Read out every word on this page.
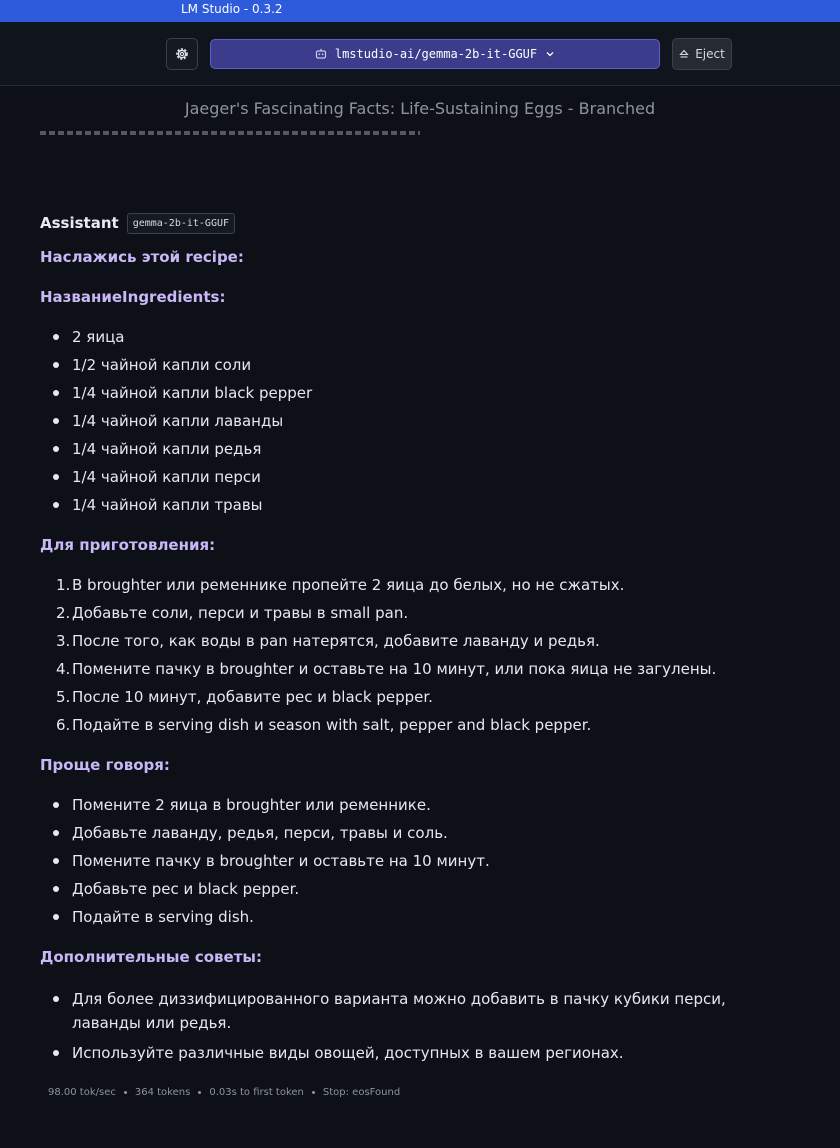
LM Studio - 0.3.2
lmstudio-ai/gemma-2b-it-GGUF	Eject
Jaeger's Fascinating Facts: Life-Sustaining Eggs - Branched
Assistant	gemma-2b-it-GGUF
Наслажись этой recipe:
НазваниеIngredients:
2 яица
1/2 чайной капли соли
1/4 чайной капли black pepper
1/4 чайной капли лаванды
1/4 чайной капли редья
1/4 чайной капли перси
1/4 чайной капли травы
Для приготовления:
1. В broughter или ременнике пропейте 2 яица до белых, но не сжатых.
2. Добавьте соли, перси и травы в small pan.
3. После того, как воды в pan натерятся, добавите лаванду и редья.
4. Помените пачку в broughter и оставьте на 10 минут, или пока яица не загулены.
5. После 10 минут, добавите рес и black pepper.
6. Подайте в serving dish и season with salt, pepper and black pepper.
Проще говоря:
Помените 2 яица в broughter или ременнике.
Добавьте лаванду, редья, перси, травы и соль.
Помените пачку в broughter и оставьте на 10 минут.
Добавьте рес и black pepper.
Подайте в serving dish.
Дополнительные советы:
Для более диззифицированного варианта можно добавить в пачку кубики перси, лаванды или редья.
Используйте различные виды овощей, доступных в вашем регионах.
98.00 tok/sec 364 tokens 0.03s to first token Stop: eosFound
